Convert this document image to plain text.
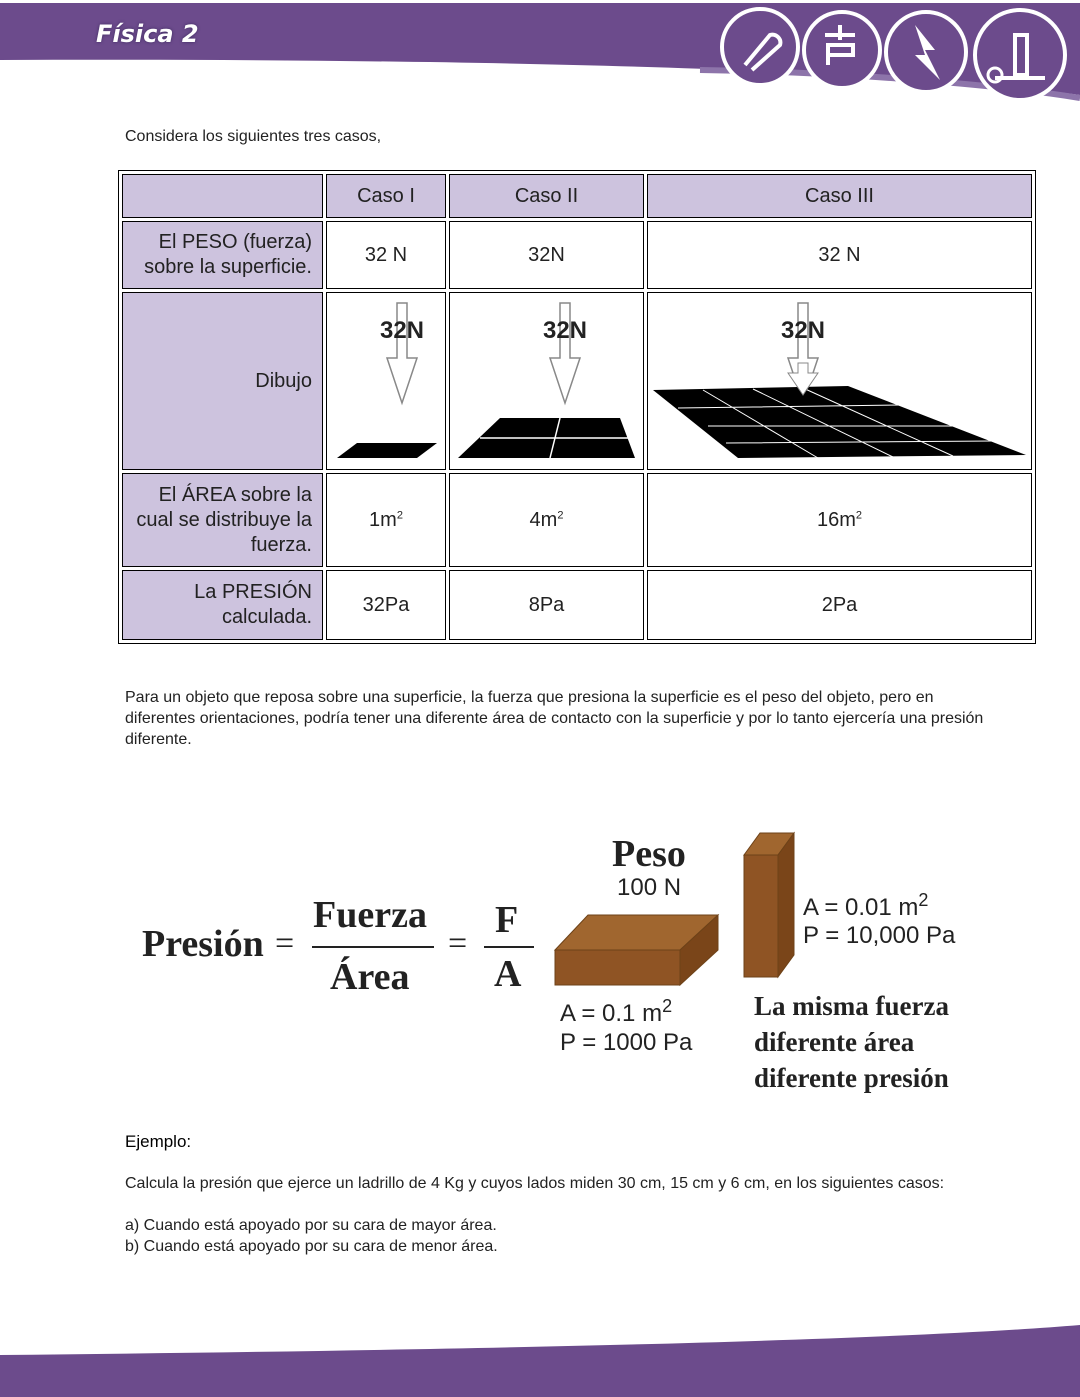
Física 2
Considera los siguientes tres casos,
	Caso I	Caso II	Caso III
El PESO (fuerza) sobre la superficie.	32 N	32N	32 N
Dibujo	32N	32N	32N

El ÁREA sobre la cual se distribuye la fuerza.	$1m^2$	$4m^2$	$16m^2$
La PRESIÓN calculada.	32Pa	8Pa	2Pa
Para un objeto que reposa sobre una superficie, la fuerza que presiona la superficie es el peso del objeto, pero en diferentes orientaciones, podría tener una diferente área de contacto con la superficie y por lo tanto ejercería una presión diferente.
Presión =
Fuerza
Área
=
F
A
Peso
100 N
A = 0.1 $m^2$
P = 1000 Pa
A = 0.01 $m^2$
P = 10,000 Pa
La misma fuerza
diferente área
diferente presión
Ejemplo:
Calcula la presión que ejerce un ladrillo de 4 Kg y cuyos lados miden 30 cm, 15 cm y 6 cm, en los siguientes casos:
a) Cuando está apoyado por su cara de mayor área.
b) Cuando está apoyado por su cara de menor área.
